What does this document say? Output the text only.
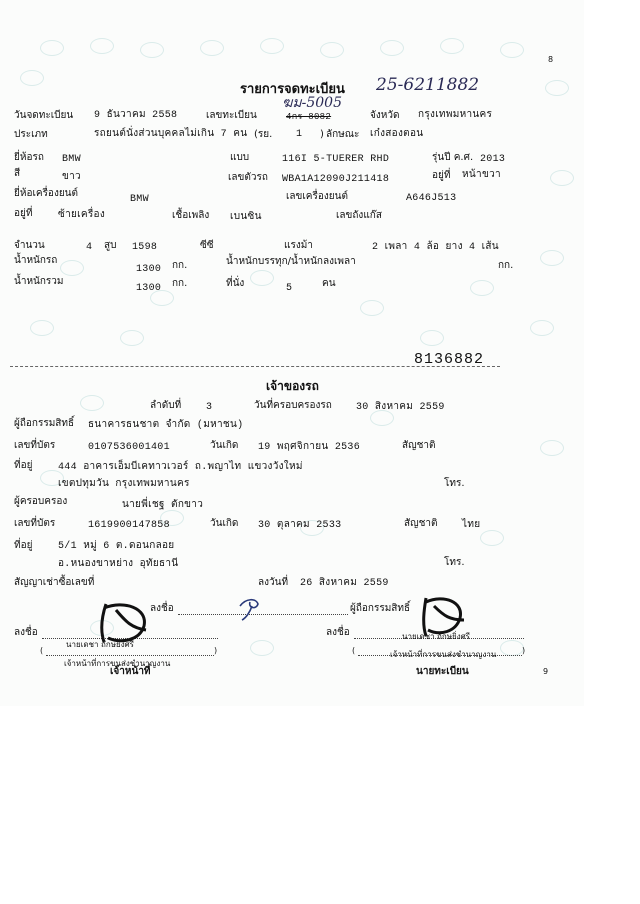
8
9
25-6211882
รายการจดทะเบียน
วันจดทะเบียน 9 ธันวาคม 2558	เลขทะเบียน	4กร 8082
ฆม-5005
จังหวัด กรุงเทพมหานคร
ประเภท	รถยนต์นั่งส่วนบุคคลไม่เกิน 7 คน (รย. 1 ) ลักษณะ เก๋งสองตอน
ยี่ห้อรถ BMW	แบบ	116I 5-TUERER RHD	รุ่นปี ค.ศ. 2013
สี	ขาว	เลขตัวรถ WBA1A12090J211418	อยู่ที่ หน้าขวา
ยี่ห้อเครื่องยนต์
BMW	เลขเครื่องยนต์	A646J513
อยู่ที่	ซ้ายเครื่อง	เชื้อเพลิง เบนซิน	เลขถังแก๊ส
จำนวน	4 สูบ 1598	ซีซี	แรงม้า	2 เพลา 4 ล้อ ยาง 4 เส้น
น้ำหนักรถ
1300 กก.	น้ำหนักบรรทุก/น้ำหนักลงเพลา	กก.
น้ำหนักรวม
1300 กก.	ที่นั่ง	5	คน
8136882
เจ้าของรถ
ลำดับที่ 3	วันที่ครอบครองรถ 30 สิงหาคม 2559
ผู้ถือกรรมสิทธิ์ ธนาคารธนชาต จำกัด (มหาชน)
เลขที่บัตร	0107536001401	วันเกิด 19 พฤศจิกายน 2536	สัญชาติ
ที่อยู่	444 อาคารเอ็มบีเคทาวเวอร์ ถ.พญาไท แขวงวังใหม่
เขตปทุมวัน กรุงเทพมหานคร	โทร.
ผู้ครอบครอง	นายพี่เชฐ ตักขาว
เลขที่บัตร	1619900147858	วันเกิด 30 ตุลาคม 2533	สัญชาติ ไทย
ที่อยู่	5/1 หมู่ 6 ต.ดอนกลอย
อ.หนองขาหย่าง อุทัยธานี	โทร.
สัญญาเช่าซื้อเลขที่	ลงวันที่ 26 สิงหาคม 2559
ลงชื่อ	ผู้ถือกรรมสิทธิ์
ลงชื่อ
นายเดชา ถักษยิ่งศรี
(	)
เจ้าหน้าที่การขนส่งชำนาญงาน
เจ้าหน้าที่
ลงชื่อ	นายเดชา ถักษยิ่งศรี
(	)
เจ้าหน้าที่การขนส่งชำนาญงาน
นายทะเบียน
